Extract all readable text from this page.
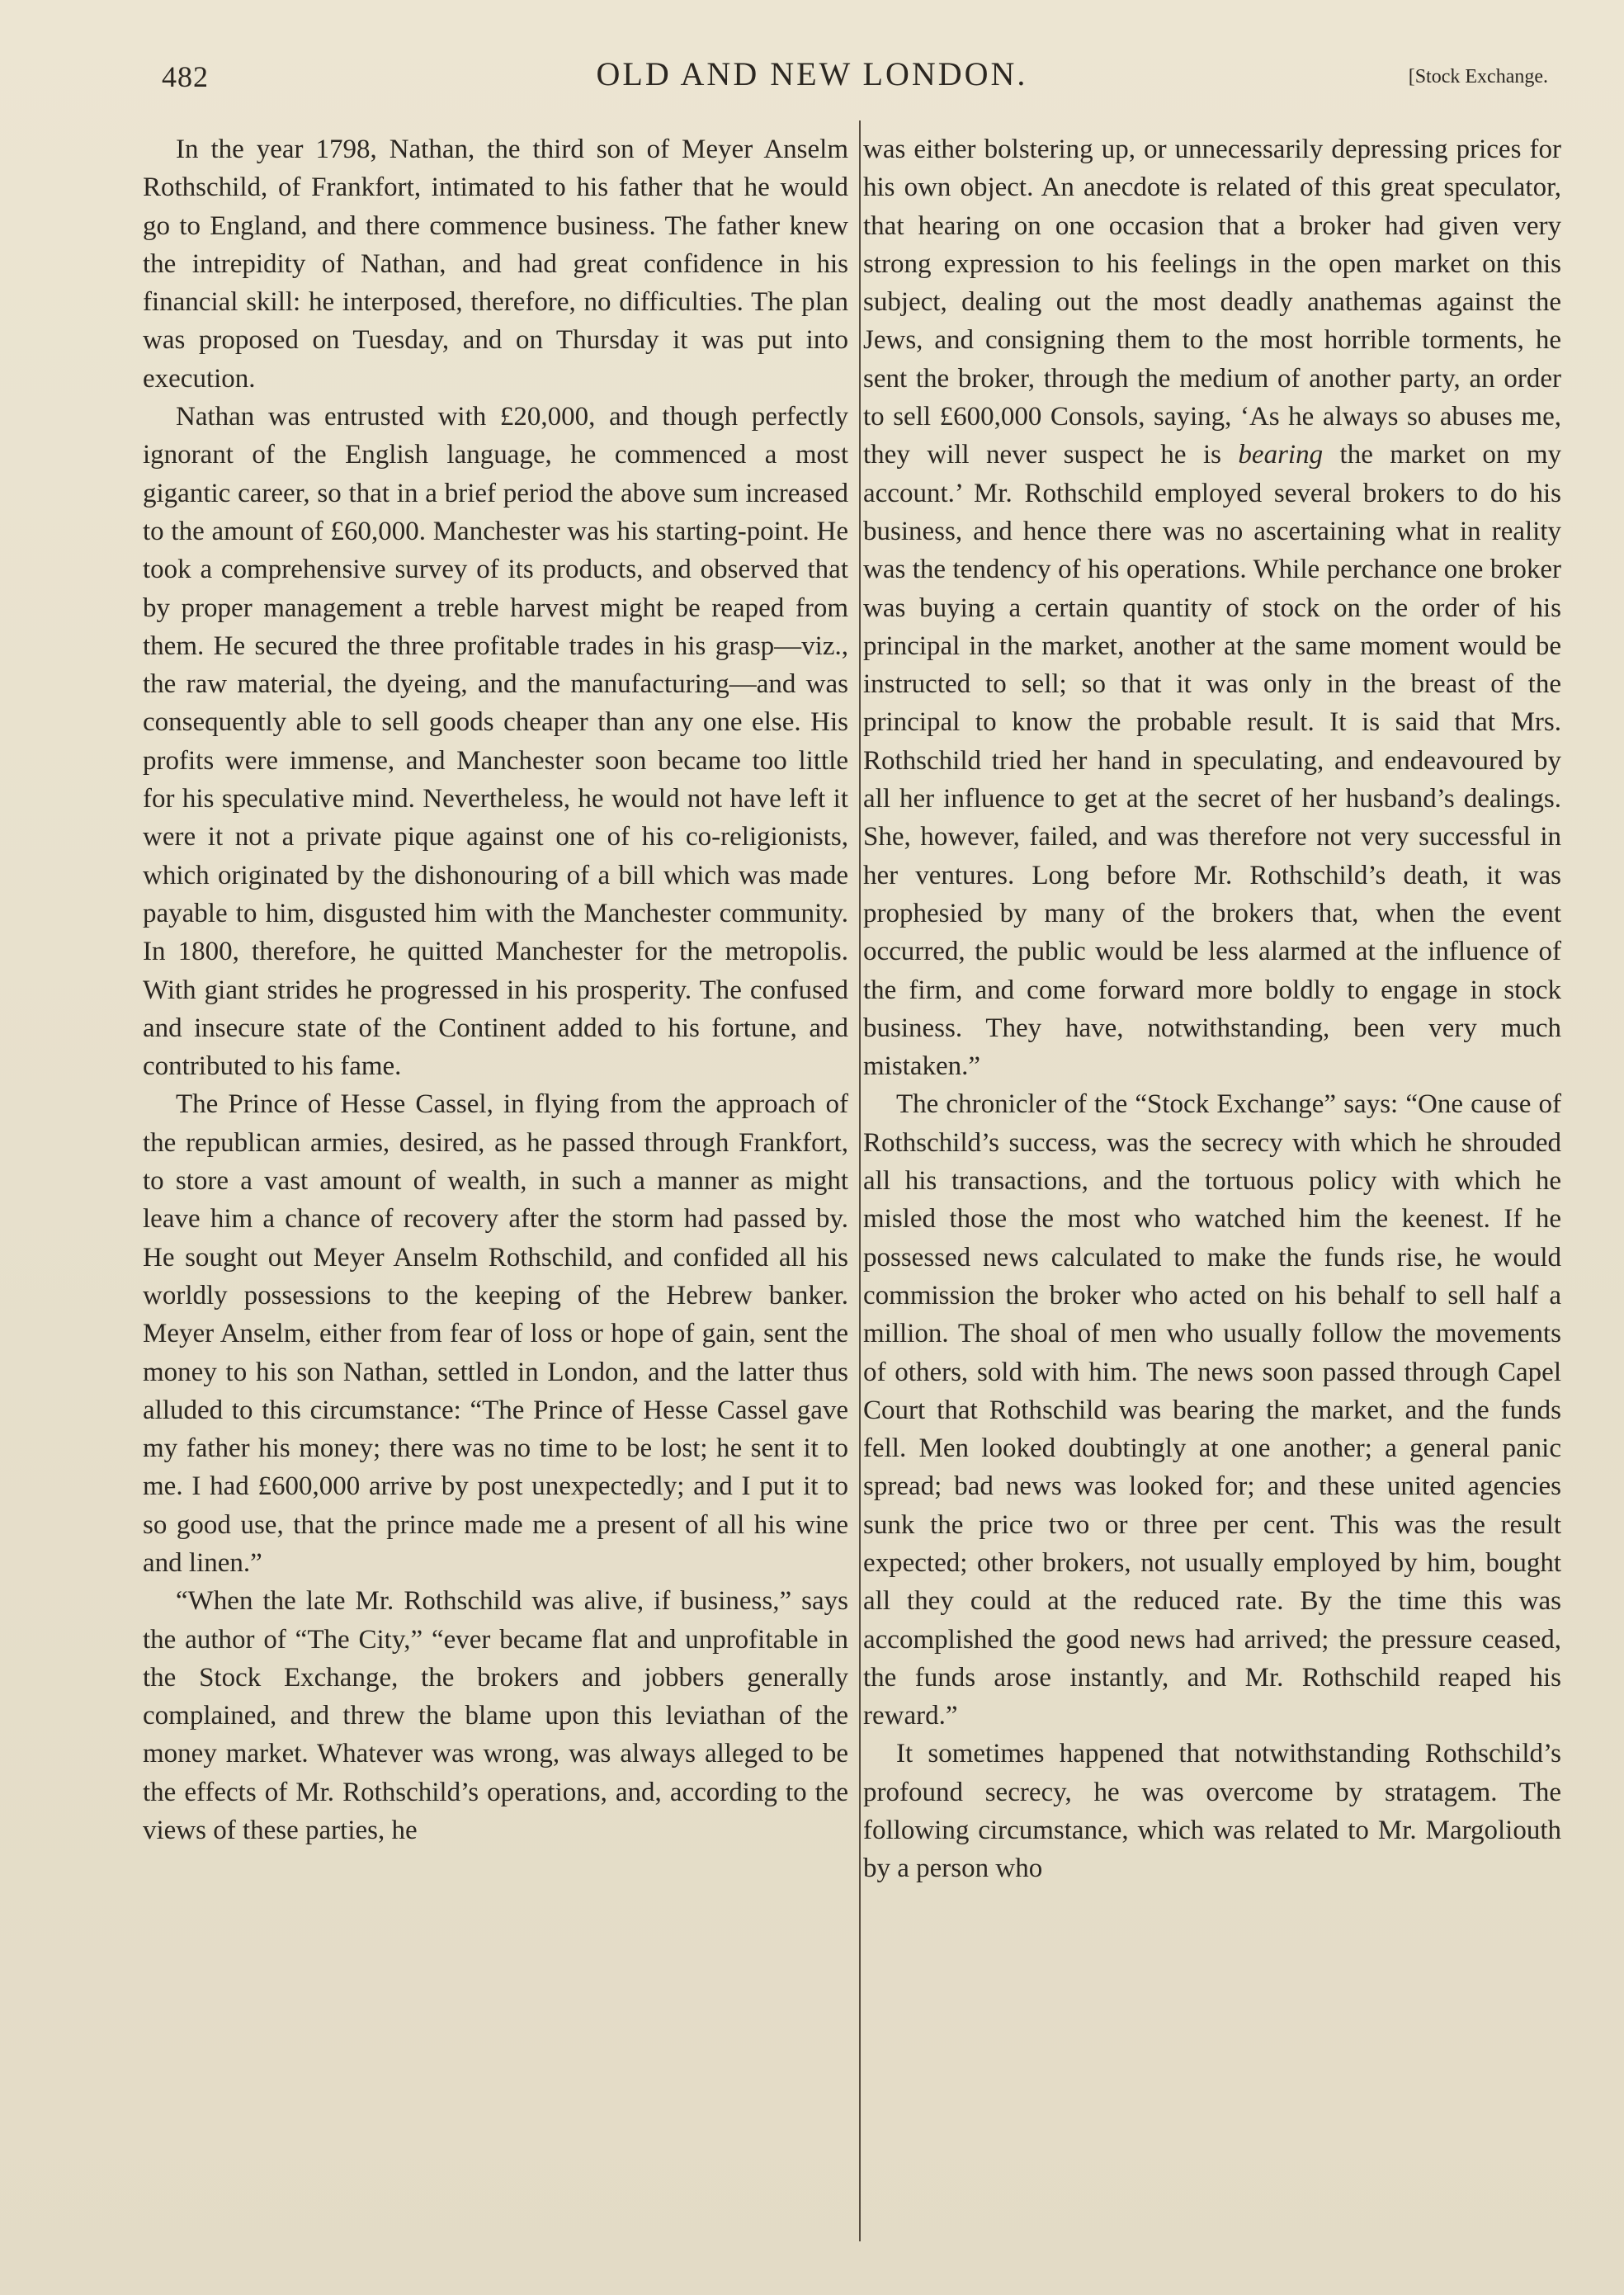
482	OLD AND NEW LONDON.	[Stock Exchange.

In the year 1798, Nathan, the third son of Meyer Anselm Rothschild, of Frankfort, intimated to his father that he would go to England, and there commence business. The father knew the intrepidity of Nathan, and had great confidence in his financial skill: he interposed, therefore, no difficulties. The plan was proposed on Tuesday, and on Thursday it was put into execution.

Nathan was entrusted with £20,000, and though perfectly ignorant of the English language, he commenced a most gigantic career, so that in a brief period the above sum increased to the amount of £60,000. Manchester was his starting-point. He took a comprehensive survey of its products, and observed that by proper management a treble harvest might be reaped from them. He secured the three profitable trades in his grasp—viz., the raw material, the dyeing, and the manufacturing—and was consequently able to sell goods cheaper than any one else. His profits were immense, and Manchester soon became too little for his speculative mind. Nevertheless, he would not have left it were it not a private pique against one of his co-religionists, which originated by the dishonouring of a bill which was made payable to him, disgusted him with the Manchester community. In 1800, therefore, he quitted Manchester for the metropolis. With giant strides he progressed in his prosperity. The confused and insecure state of the Continent added to his fortune, and contributed to his fame.

The Prince of Hesse Cassel, in flying from the approach of the republican armies, desired, as he passed through Frankfort, to store a vast amount of wealth, in such a manner as might leave him a chance of recovery after the storm had passed by. He sought out Meyer Anselm Rothschild, and confided all his worldly possessions to the keeping of the Hebrew banker. Meyer Anselm, either from fear of loss or hope of gain, sent the money to his son Nathan, settled in London, and the latter thus alluded to this circumstance: “The Prince of Hesse Cassel gave my father his money; there was no time to be lost; he sent it to me. I had £600,000 arrive by post unexpectedly; and I put it to so good use, that the prince made me a present of all his wine and linen.”

“When the late Mr. Rothschild was alive, if business,” says the author of “The City,” “ever became flat and unprofitable in the Stock Exchange, the brokers and jobbers generally complained, and threw the blame upon this leviathan of the money market. Whatever was wrong, was always alleged to be the effects of Mr. Rothschild’s operations, and, according to the views of these parties, he

was either bolstering up, or unnecessarily depressing prices for his own object. An anecdote is related of this great speculator, that hearing on one occasion that a broker had given very strong expression to his feelings in the open market on this subject, dealing out the most deadly anathemas against the Jews, and consigning them to the most horrible torments, he sent the broker, through the medium of another party, an order to sell £600,000 Consols, saying, ‘As he always so abuses me, they will never suspect he is bearing the market on my account.’ Mr. Rothschild employed several brokers to do his business, and hence there was no ascertaining what in reality was the tendency of his operations. While perchance one broker was buying a certain quantity of stock on the order of his principal in the market, another at the same moment would be instructed to sell; so that it was only in the breast of the principal to know the probable result. It is said that Mrs. Rothschild tried her hand in speculating, and endeavoured by all her influence to get at the secret of her husband’s dealings. She, however, failed, and was therefore not very successful in her ventures. Long before Mr. Rothschild’s death, it was prophesied by many of the brokers that, when the event occurred, the public would be less alarmed at the influence of the firm, and come forward more boldly to engage in stock business. They have, notwithstanding, been very much mistaken.”

The chronicler of the “Stock Exchange” says: “One cause of Rothschild’s success, was the secrecy with which he shrouded all his transactions, and the tortuous policy with which he misled those the most who watched him the keenest. If he possessed news calculated to make the funds rise, he would commission the broker who acted on his behalf to sell half a million. The shoal of men who usually follow the movements of others, sold with him. The news soon passed through Capel Court that Rothschild was bearing the market, and the funds fell. Men looked doubtingly at one another; a general panic spread; bad news was looked for; and these united agencies sunk the price two or three per cent. This was the result expected; other brokers, not usually employed by him, bought all they could at the reduced rate. By the time this was accomplished the good news had arrived; the pressure ceased, the funds arose instantly, and Mr. Rothschild reaped his reward.”

It sometimes happened that notwithstanding Rothschild’s profound secrecy, he was overcome by stratagem. The following circumstance, which was related to Mr. Margoliouth by a person who
